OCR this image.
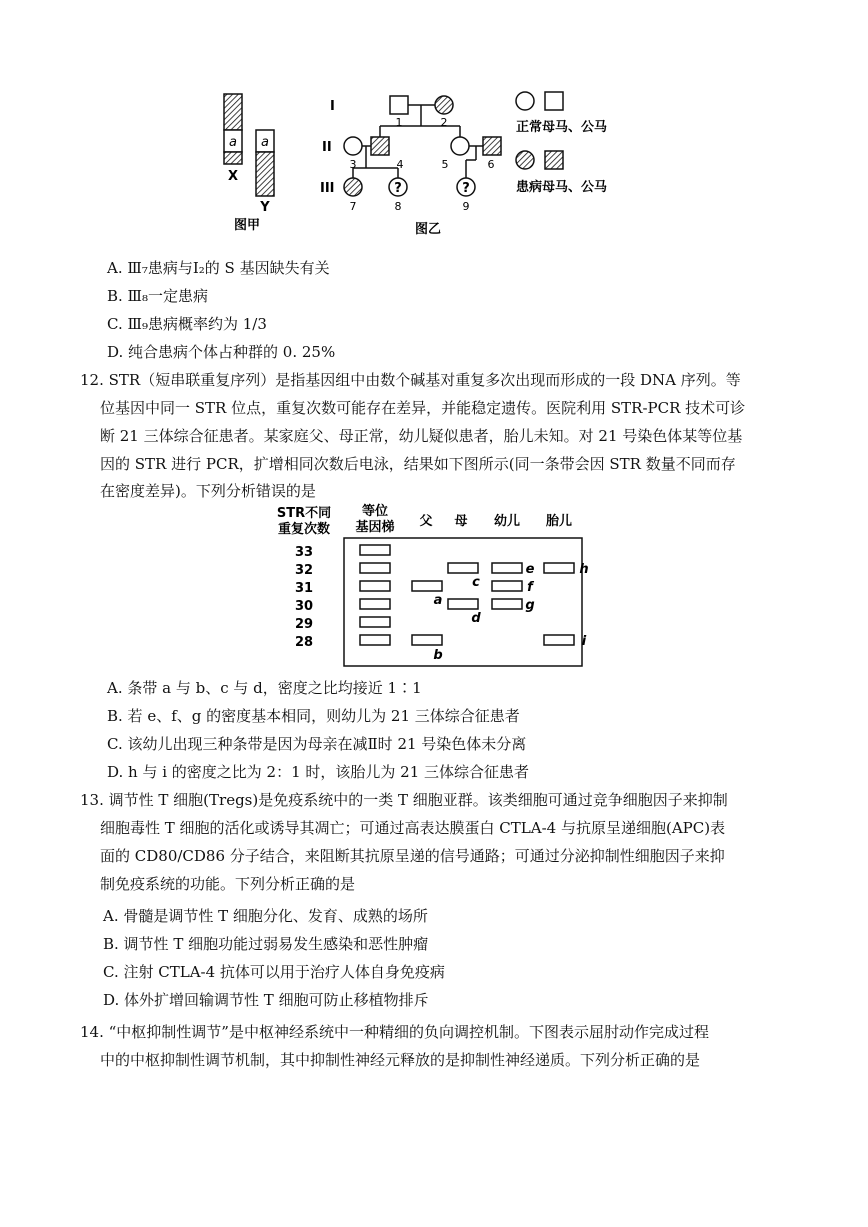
a a
X
Y
图甲
I
II
III
1	2
3	4	5	6
?	?
7	8	9
图乙
正常母马、公马
患病母马、公马
A. Ⅲ₇患病与Ⅰ₂的 S 基因缺失有关
B. Ⅲ₈一定患病
C. Ⅲ₉患病概率约为 1/3
D. 纯合患病个体占种群的 0. 25%
12. STR（短串联重复序列）是指基因组中由数个碱基对重复多次出现而形成的一段 DNA 序列。等
位基因中同一 STR 位点，重复次数可能存在差异，并能稳定遗传。医院利用 STR-PCR 技术可诊
断 21 三体综合征患者。某家庭父、母正常，幼儿疑似患者，胎儿未知。对 21 号染色体某等位基
因的 STR 进行 PCR，扩增相同次数后电泳，结果如下图所示(同一条带会因 STR 数量不同而存
在密度差异)。下列分析错误的是
STR不同
重复次数
等位
基因梯 父 母 幼儿 胎儿
33
32
31
30
29
28
a
b
c
d
e
f
g
h
i
A. 条带 a 与 b、c 与 d，密度之比均接近 1∶1
B. 若 e、f、g 的密度基本相同，则幼儿为 21 三体综合征患者
C. 该幼儿出现三种条带是因为母亲在减Ⅱ时 21 号染色体未分离
D. h 与 i 的密度之比为 2：1 时，该胎儿为 21 三体综合征患者
13. 调节性 T 细胞(Tregs)是免疫系统中的一类 T 细胞亚群。该类细胞可通过竞争细胞因子来抑制
细胞毒性 T 细胞的活化或诱导其凋亡；可通过高表达膜蛋白 CTLA-4 与抗原呈递细胞(APC)表
面的 CD80/CD86 分子结合，来阻断其抗原呈递的信号通路；可通过分泌抑制性细胞因子来抑
制免疫系统的功能。下列分析正确的是
A. 骨髓是调节性 T 细胞分化、发育、成熟的场所
B. 调节性 T 细胞功能过弱易发生感染和恶性肿瘤
C. 注射 CTLA-4 抗体可以用于治疗人体自身免疫病
D. 体外扩增回输调节性 T 细胞可防止移植物排斥
14. “中枢抑制性调节”是中枢神经系统中一种精细的负向调控机制。下图表示屈肘动作完成过程
中的中枢抑制性调节机制，其中抑制性神经元释放的是抑制性神经递质。下列分析正确的是
